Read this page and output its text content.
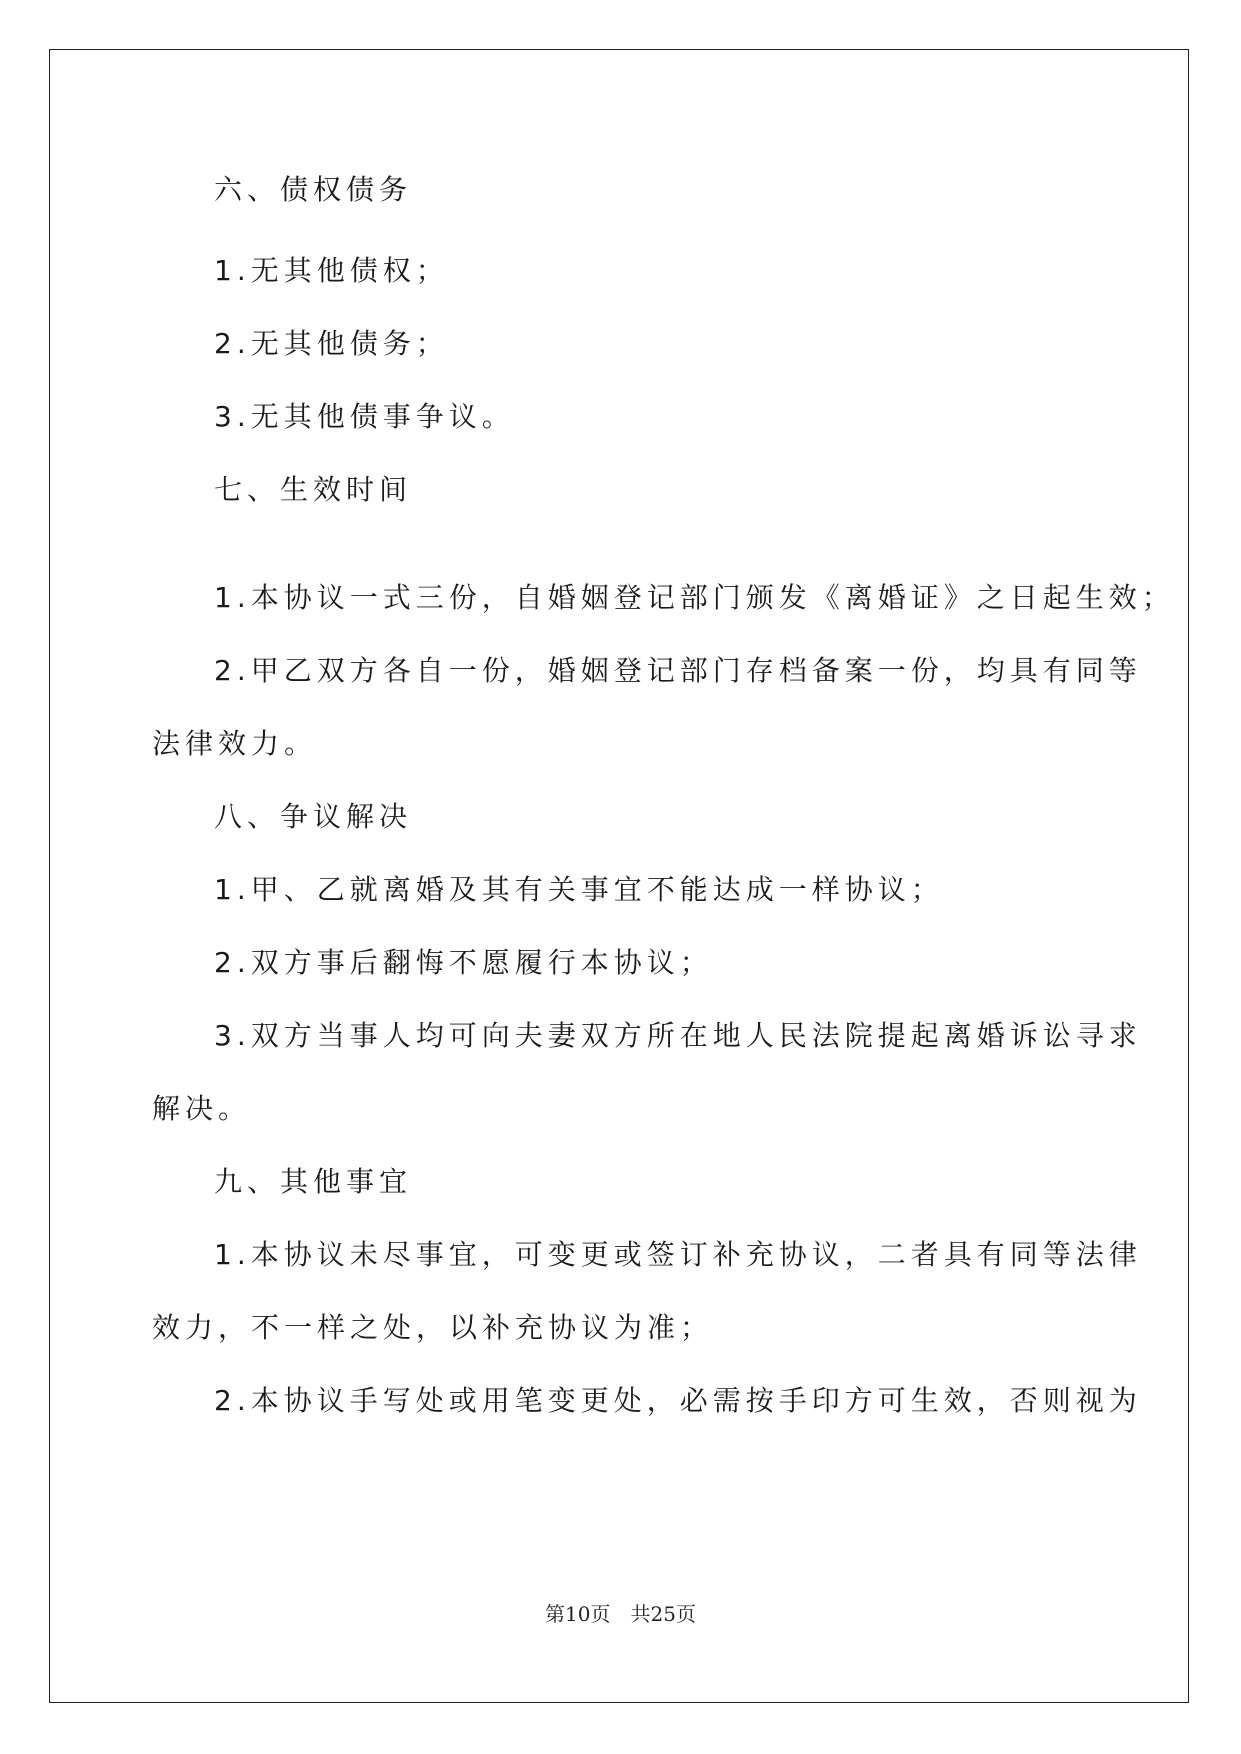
六、债权债务
1.无其他债权；
2.无其他债务；
3.无其他债事争议。
七、生效时间
1.本协议一式三份，自婚姻登记部门颁发《离婚证》之日起生效；
2.甲乙双方各自一份，婚姻登记部门存档备案一份，均具有同等
法律效力。
八、争议解决
1.甲、乙就离婚及其有关事宜不能达成一样协议；
2.双方事后翻悔不愿履行本协议；
3.双方当事人均可向夫妻双方所在地人民法院提起离婚诉讼寻求
解决。
九、其他事宜
1.本协议未尽事宜，可变更或签订补充协议，二者具有同等法律
效力，不一样之处，以补充协议为准；
2.本协议手写处或用笔变更处，必需按手印方可生效，否则视为
第10页　共25页
